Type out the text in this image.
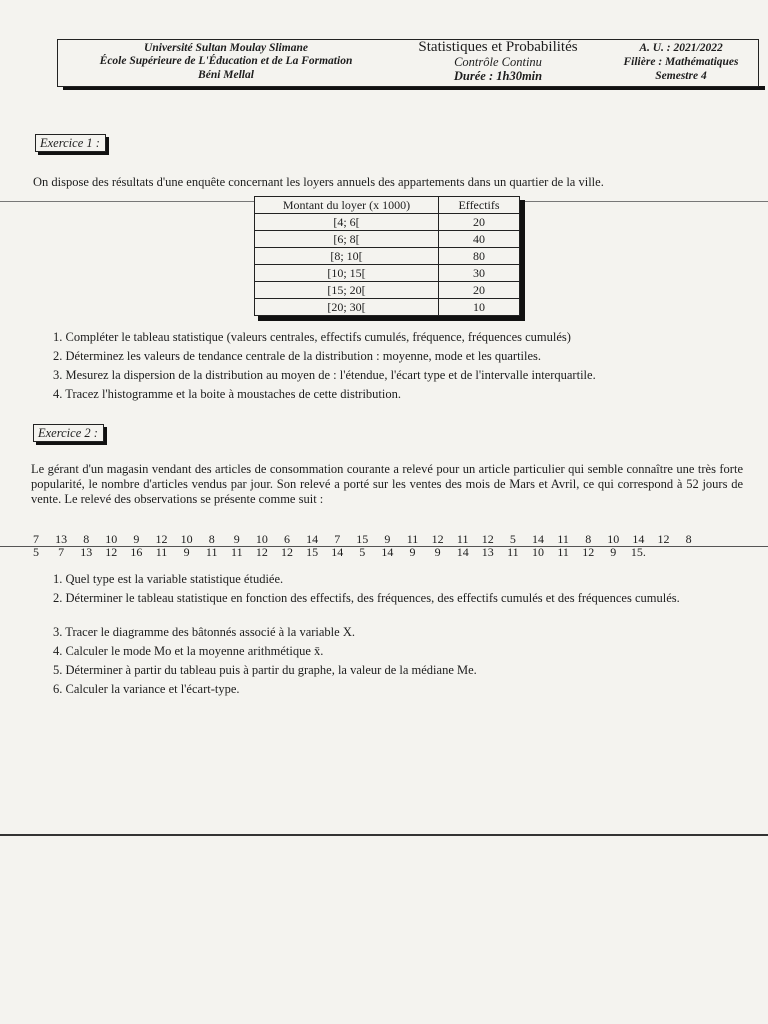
Université Sultan Moulay Slimane
École Supérieure de L'Éducation et de La Formation
Béni Mellal
Statistiques et Probabilités
Contrôle Continu
Durée : 1h30min
A. U. : 2021/2022
Filière : Mathématiques
Semestre 4
Exercice 1 :
On dispose des résultats d'une enquête concernant les loyers annuels des appartements dans un quartier de la ville.
Montant du loyer (x 1000)	Effectifs
[4; 6[	20
[6; 8[	40
[8; 10[	80
[10; 15[	30
[15; 20[	20
[20; 30[	10
1. Compléter le tableau statistique (valeurs centrales, effectifs cumulés, fréquence, fréquences cumulés)
2. Déterminez les valeurs de tendance centrale de la distribution : moyenne, mode et les quartiles.
3. Mesurez la dispersion de la distribution au moyen de : l'étendue, l'écart type et de l'intervalle interquartile.
4. Tracez l'histogramme et la boite à moustaches de cette distribution.
Exercice 2 :
Le gérant d'un magasin vendant des articles de consommation courante a relevé pour un article particulier qui semble connaître une très forte popularité, le nombre d'articles vendus par jour. Son relevé a porté sur les ventes des mois de Mars et Avril, ce qui correspond à 52 jours de vente. Le relevé des observations se présente comme suit :
7	13	8	10	9	12	10	8	9	10	6	14	7	15	9	11	12	11	12	5	14	11	8	10	14	12	8
5	7	13	12	16	11	9	11	11	12	12	15	14	5	14	9	9	14	13	11	10	11	12	9	15.
1. Quel type est la variable statistique étudiée.
2. Déterminer le tableau statistique en fonction des effectifs, des fréquences, des effectifs cumulés et des fréquences cumulés.
3. Tracer le diagramme des bâtonnés associé à la variable X.
4. Calculer le mode Mo et la moyenne arithmétique x̄.
5. Déterminer à partir du tableau puis à partir du graphe, la valeur de la médiane Me.
6. Calculer la variance et l'écart-type.
